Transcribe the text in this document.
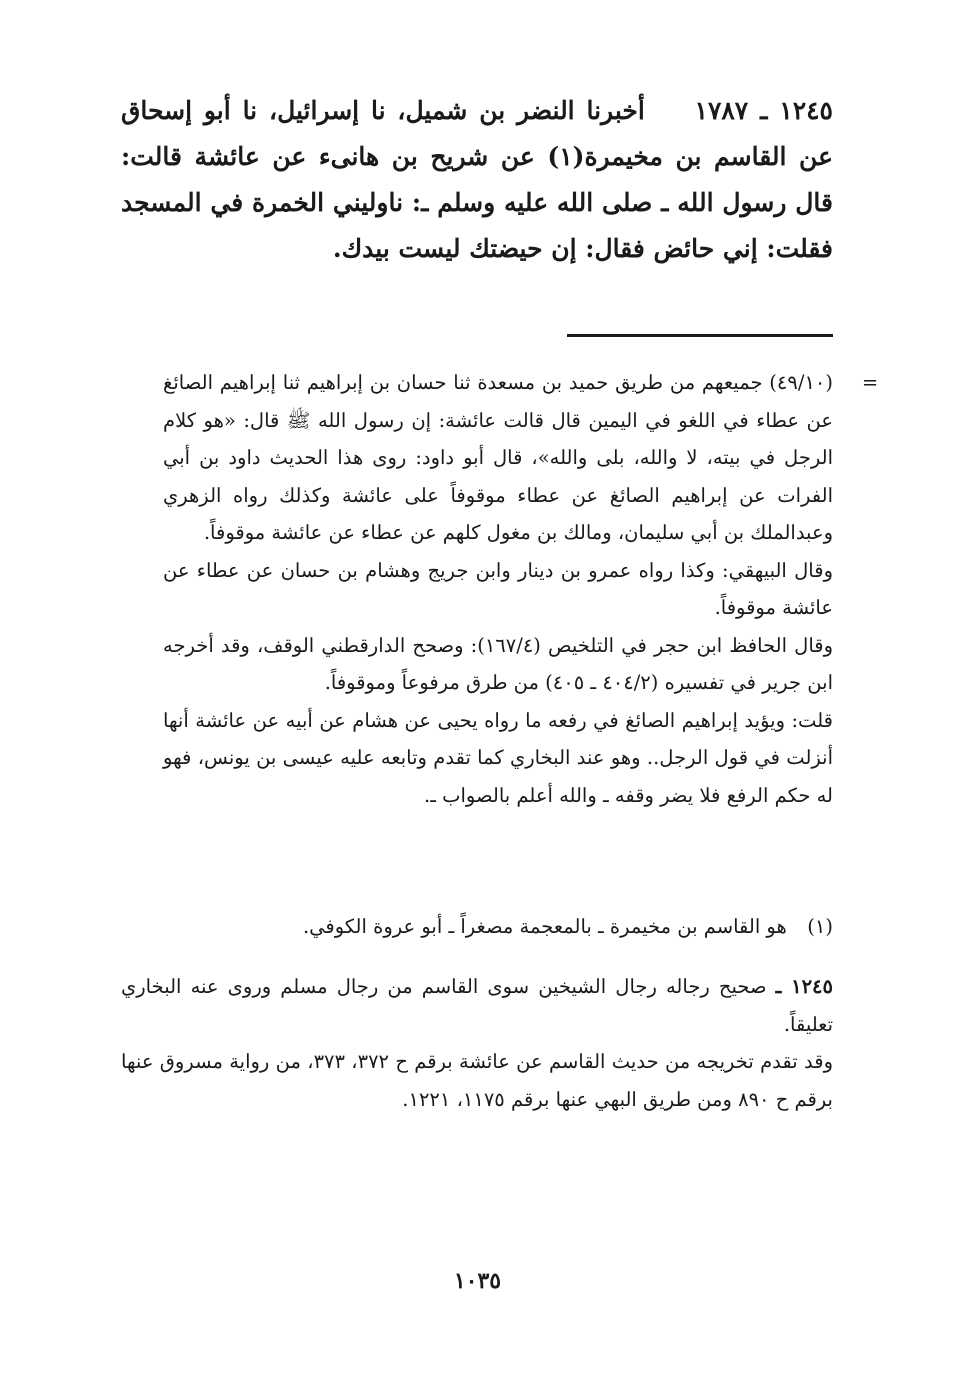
١٢٤٥ ـ ١٧٨٧  أخبرنا النضر بن شميل، نا إسرائيل، نا أبو إسحاق عن القاسم بن مخيمرة(١) عن شريح بن هانىء عن عائشة قالت: قال رسول الله ـ صلى الله عليه وسلم ـ: ناوليني الخمرة في المسجد فقلت: إني حائض فقال: إن حيضتك ليست بيدك.
=

(٤٩/١٠) جميعهم من طريق حميد بن مسعدة ثنا حسان بن إبراهيم ثنا إبراهيم الصائغ عن عطاء في اللغو في اليمين قال قالت عائشة: إن رسول الله ﷺ قال: «هو كلام الرجل في بيته، لا والله، بلى والله»، قال أبو داود: روى هذا الحديث داود بن أبي الفرات عن إبراهيم الصائغ عن عطاء موقوفاً على عائشة وكذلك رواه الزهري وعبدالملك بن أبي سليمان، ومالك بن مغول كلهم عن عطاء عن عائشة موقوفاً.

وقال البيهقي: وكذا رواه عمرو بن دينار وابن جريج وهشام بن حسان عن عطاء عن عائشة موقوفاً.

وقال الحافظ ابن حجر في التلخيص (١٦٧/٤): وصحح الدارقطني الوقف، وقد أخرجه ابن جرير في تفسيره (٤٠٤/٢ ـ ٤٠٥) من طرق مرفوعاً وموقوفاً.

قلت: ويؤيد إبراهيم الصائغ في رفعه ما رواه يحيى عن هشام عن أبيه عن عائشة أنها أنزلت في قول الرجل.. وهو عند البخاري كما تقدم وتابعه عليه عيسى بن يونس، فهو له حكم الرفع فلا يضر وقفه ـ والله أعلم بالصواب ـ.

(١) هو القاسم بن مخيمرة ـ بالمعجمة مصغراً ـ أبو عروة الكوفي.

١٢٤٥ ـ صحيح رجاله رجال الشيخين سوى القاسم من رجال مسلم وروى عنه البخاري تعليقاً.

وقد تقدم تخريجه من حديث القاسم عن عائشة برقم ح ٣٧٢، ٣٧٣، من رواية مسروق عنها برقم ح ٨٩٠ ومن طريق البهي عنها برقم ١١٧٥، ١٢٢١.

١٠٣٥
